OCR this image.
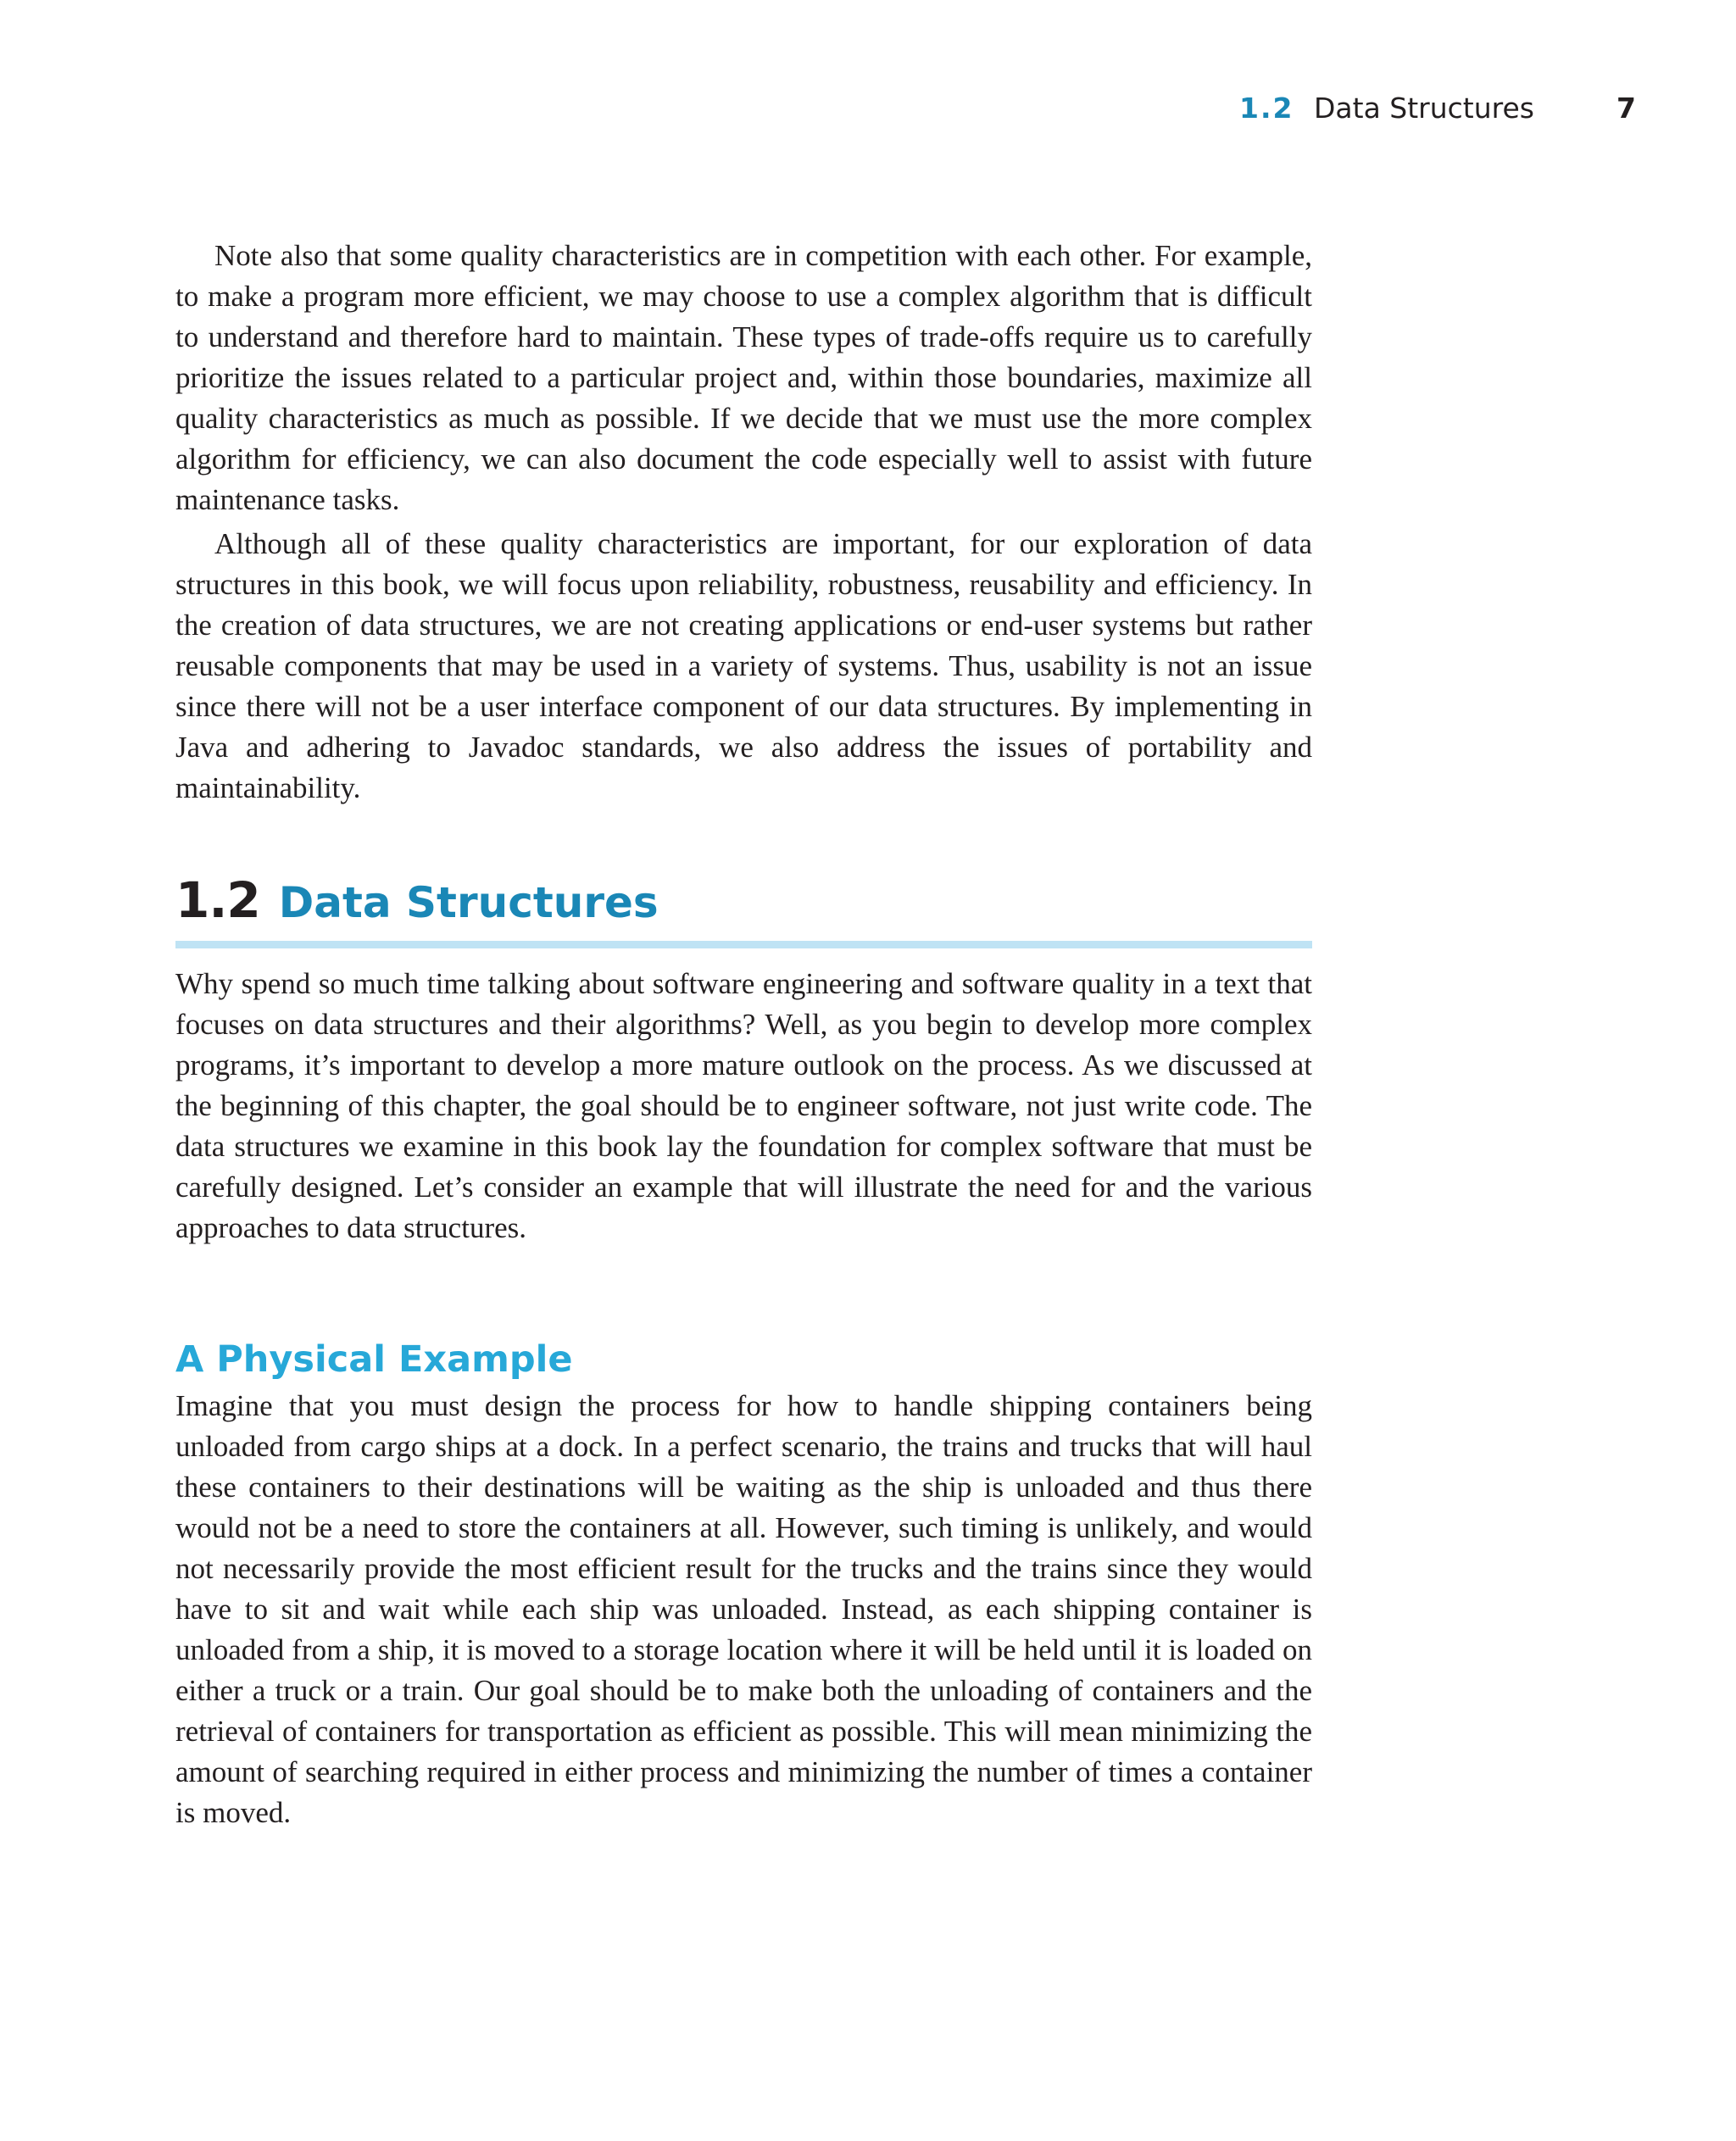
1.2 Data Structures	7

Note also that some quality characteristics are in competition with each other. For example, to make a program more efficient, we may choose to use a complex algorithm that is difficult to understand and therefore hard to maintain. These types of trade-offs require us to carefully prioritize the issues related to a particular project and, within those boundaries, maximize all quality characteristics as much as possible. If we decide that we must use the more complex algorithm for efficiency, we can also document the code especially well to assist with future maintenance tasks.

Although all of these quality characteristics are important, for our exploration of data structures in this book, we will focus upon reliability, robustness, reusability and efficiency. In the creation of data structures, we are not creating applications or end-user systems but rather reusable components that may be used in a variety of systems. Thus, usability is not an issue since there will not be a user interface component of our data structures. By implementing in Java and adhering to Javadoc standards, we also address the issues of portability and maintainability.

1.2 Data Structures

Why spend so much time talking about software engineering and software quality in a text that focuses on data structures and their algorithms? Well, as you begin to develop more complex programs, it’s important to develop a more mature outlook on the process. As we discussed at the beginning of this chapter, the goal should be to engineer software, not just write code. The data structures we examine in this book lay the foundation for complex software that must be carefully designed. Let’s consider an example that will illustrate the need for and the various approaches to data structures.

A Physical Example

Imagine that you must design the process for how to handle shipping containers being unloaded from cargo ships at a dock. In a perfect scenario, the trains and trucks that will haul these containers to their destinations will be waiting as the ship is unloaded and thus there would not be a need to store the containers at all. However, such timing is unlikely, and would not necessarily provide the most efficient result for the trucks and the trains since they would have to sit and wait while each ship was unloaded. Instead, as each shipping container is unloaded from a ship, it is moved to a storage location where it will be held until it is loaded on either a truck or a train. Our goal should be to make both the unloading of containers and the retrieval of containers for transportation as efficient as possible. This will mean minimizing the amount of searching required in either process and minimizing the number of times a container is moved.
